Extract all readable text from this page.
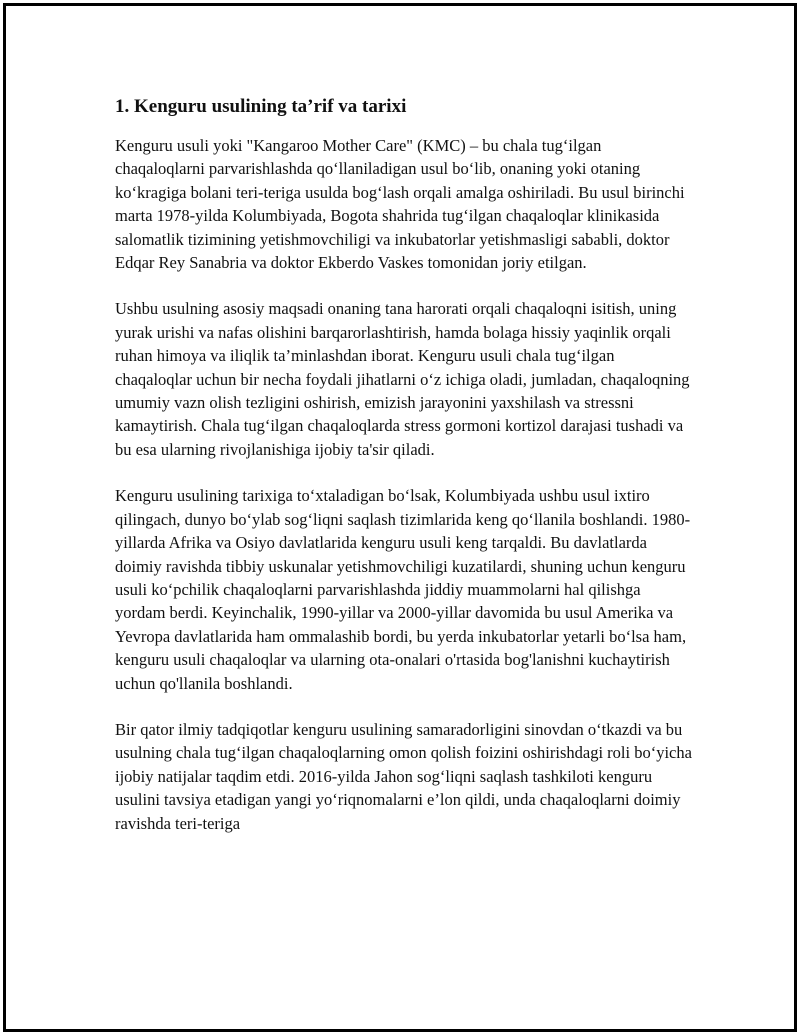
1. Kenguru usulining ta’rif va tarixi

Kenguru usuli yoki "Kangaroo Mother Care" (KMC) – bu chala tug‘ilgan chaqaloqlarni parvarishlashda qo‘llaniladigan usul bo‘lib, onaning yoki otaning ko‘kragiga bolani teri-teriga usulda bog‘lash orqali amalga oshiriladi. Bu usul birinchi marta 1978-yilda Kolumbiyada, Bogota shahrida tug‘ilgan chaqaloqlar klinikasida salomatlik tizimining yetishmovchiligi va inkubatorlar yetishmasligi sababli, doktor Edqar Rey Sanabria va doktor Ekberdo Vaskes tomonidan joriy etilgan.

Ushbu usulning asosiy maqsadi onaning tana harorati orqali chaqaloqni isitish, uning yurak urishi va nafas olishini barqarorlashtirish, hamda bolaga hissiy yaqinlik orqali ruhan himoya va iliqlik ta’minlashdan iborat. Kenguru usuli chala tug‘ilgan chaqaloqlar uchun bir necha foydali jihatlarni o‘z ichiga oladi, jumladan, chaqaloqning umumiy vazn olish tezligini oshirish, emizish jarayonini yaxshilash va stressni kamaytirish. Chala tug‘ilgan chaqaloqlarda stress gormoni kortizol darajasi tushadi va bu esa ularning rivojlanishiga ijobiy ta'sir qiladi.

Kenguru usulining tarixiga to‘xtaladigan bo‘lsak, Kolumbiyada ushbu usul ixtiro qilingach, dunyo bo‘ylab sog‘liqni saqlash tizimlarida keng qo‘llanila boshlandi. 1980-yillarda Afrika va Osiyo davlatlarida kenguru usuli keng tarqaldi. Bu davlatlarda doimiy ravishda tibbiy uskunalar yetishmovchiligi kuzatilardi, shuning uchun kenguru usuli ko‘pchilik chaqaloqlarni parvarishlashda jiddiy muammolarni hal qilishga yordam berdi. Keyinchalik, 1990-yillar va 2000-yillar davomida bu usul Amerika va Yevropa davlatlarida ham ommalashib bordi, bu yerda inkubatorlar yetarli bo‘lsa ham, kenguru usuli chaqaloqlar va ularning ota-onalari o'rtasida bog'lanishni kuchaytirish uchun qo'llanila boshlandi.

Bir qator ilmiy tadqiqotlar kenguru usulining samaradorligini sinovdan o‘tkazdi va bu usulning chala tug‘ilgan chaqaloqlarning omon qolish foizini oshirishdagi roli bo‘yicha ijobiy natijalar taqdim etdi. 2016-yilda Jahon sog‘liqni saqlash tashkiloti kenguru usulini tavsiya etadigan yangi yo‘riqnomalarni e’lon qildi, unda chaqaloqlarni doimiy ravishda teri-teriga
